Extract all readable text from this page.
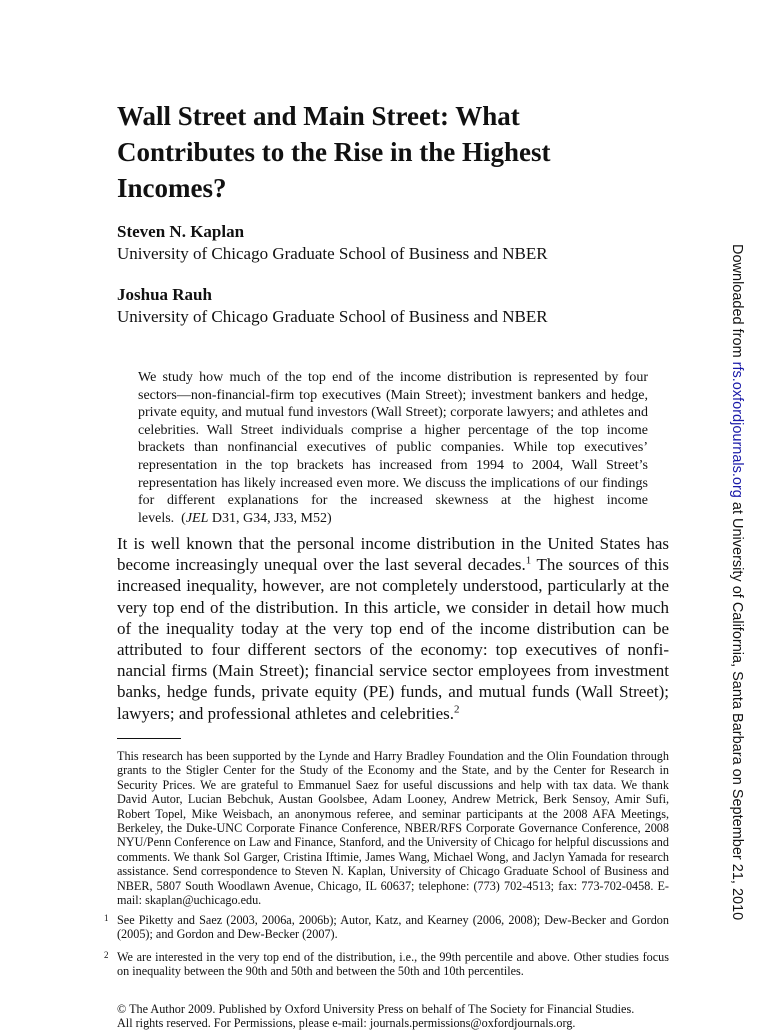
Wall Street and Main Street: What Contributes to the Rise in the Highest Incomes?

Steven N. Kaplan

University of Chicago Graduate School of Business and NBER

Joshua Rauh

University of Chicago Graduate School of Business and NBER

We study how much of the top end of the income distribution is represented by four sectors—non-financial-firm top executives (Main Street); investment bankers and hedge, private equity, and mutual fund investors (Wall Street); corporate lawyers; and athletes and celebrities. Wall Street individuals comprise a higher percentage of the top income brackets than nonfinancial executives of public companies. While top executives’ representation in the top brackets has increased from 1994 to 2004, Wall Street’s representation has likely increased even more. We discuss the implications of our findings for different explanations for the increased skewness at the highest income levels. (JEL D31, G34, J33, M52)

It is well known that the personal income distribution in the United States has become increasingly unequal over the last several decades.$^1$ The sources of this increased inequality, however, are not completely understood, particularly at the very top end of the distribution. In this article, we consider in detail how much of the inequality today at the very top end of the income distribution can be attributed to four different sectors of the economy: top executives of nonfinancial firms (Main Street); financial service sector employees from investment banks, hedge funds, private equity (PE) funds, and mutual funds (Wall Street); lawyers; and professional athletes and celebrities.$^2$

This research has been supported by the Lynde and Harry Bradley Foundation and the Olin Foundation through grants to the Stigler Center for the Study of the Economy and the State, and by the Center for Research in Security Prices. We are grateful to Emmanuel Saez for useful discussions and help with tax data. We thank David Autor, Lucian Bebchuk, Austan Goolsbee, Adam Looney, Andrew Metrick, Berk Sensoy, Amir Sufi, Robert Topel, Mike Weisbach, an anonymous referee, and seminar participants at the 2008 AFA Meetings, Berkeley, the Duke-UNC Corporate Finance Conference, NBER/RFS Corporate Governance Conference, 2008 NYU/Penn Conference on Law and Finance, Stanford, and the University of Chicago for helpful discussions and comments. We thank Sol Garger, Cristina Iftimie, James Wang, Michael Wong, and Jaclyn Yamada for research assistance. Send correspondence to Steven N. Kaplan, University of Chicago Graduate School of Business and NBER, 5807 South Woodlawn Avenue, Chicago, IL 60637; telephone: (773) 702-4513; fax: 773-702-0458. E-mail: skaplan@uchicago.edu.

1 See Piketty and Saez (2003, 2006a, 2006b); Autor, Katz, and Kearney (2006, 2008); Dew-Becker and Gordon (2005); and Gordon and Dew-Becker (2007).

2 We are interested in the very top end of the distribution, i.e., the 99th percentile and above. Other studies focus on inequality between the 90th and 50th and between the 50th and 10th percentiles.

© The Author 2009. Published by Oxford University Press on behalf of The Society for Financial Studies.
All rights reserved. For Permissions, please e-mail: journals.permissions@oxfordjournals.org.

Downloaded from rfs.oxfordjournals.org at University of California, Santa Barbara on September 21, 2010
